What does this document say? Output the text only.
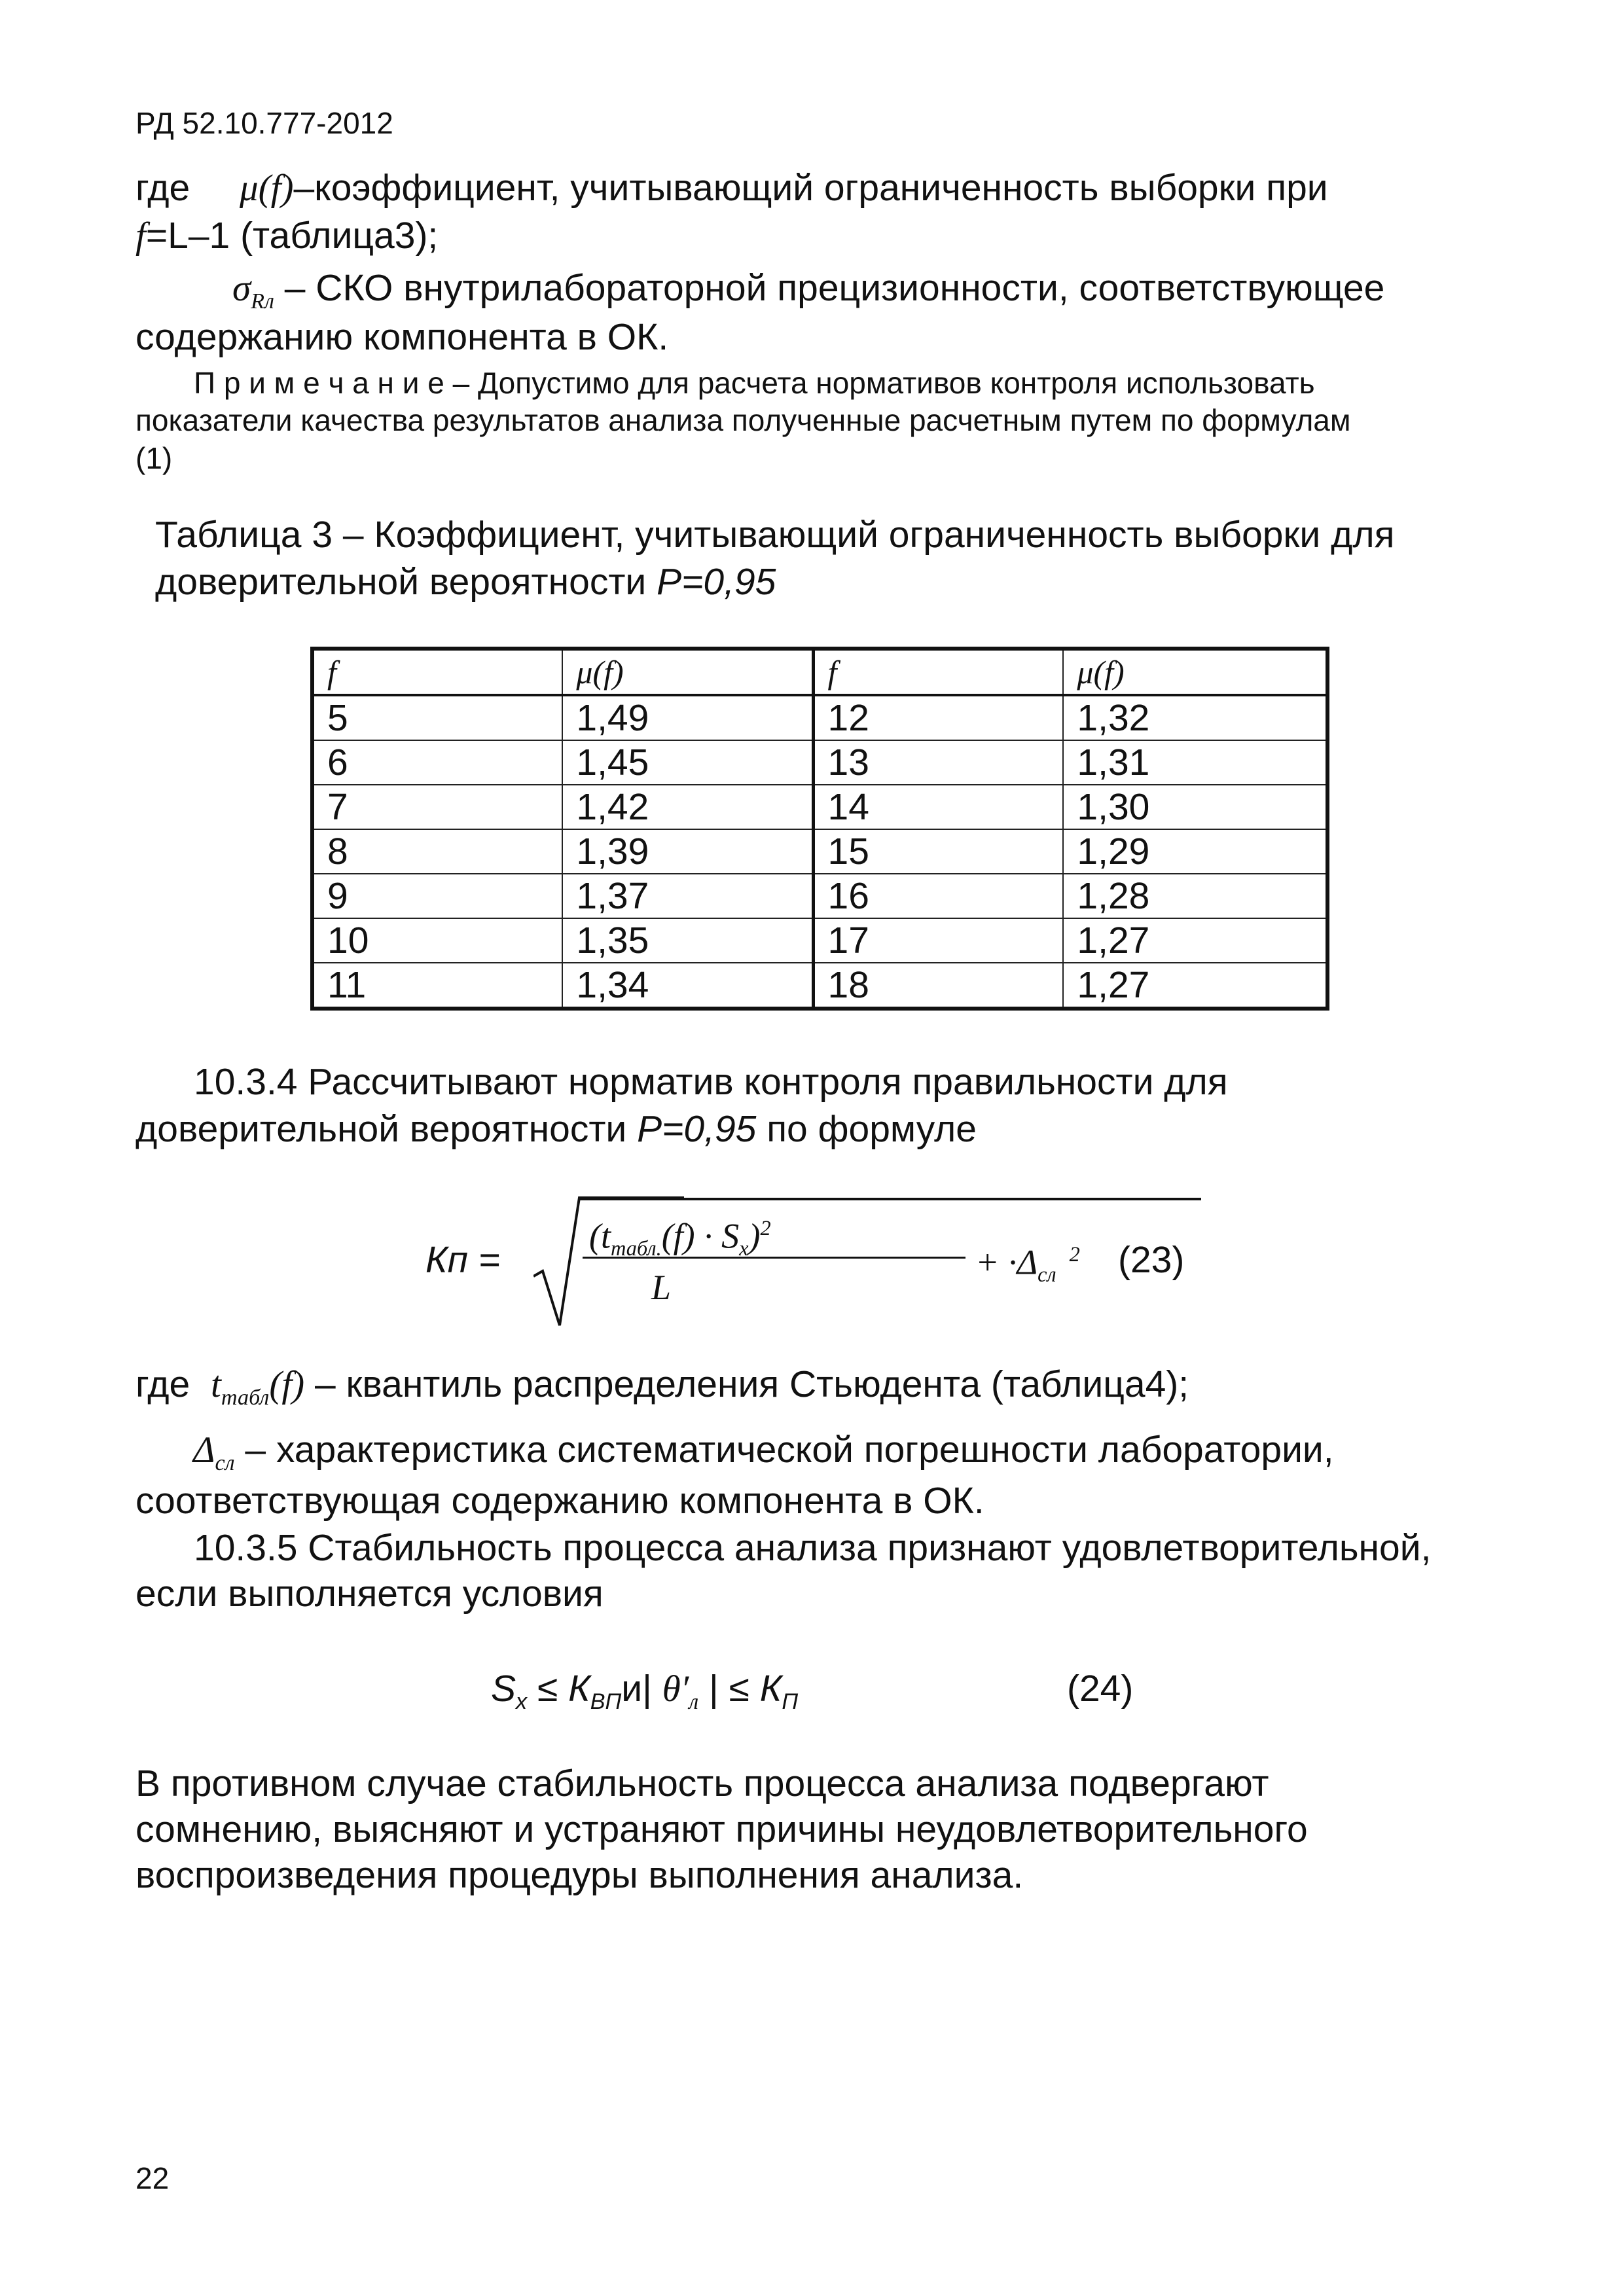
РД 52.10.777-2012
где μ(f)–коэффициент, учитывающий ограниченность выборки при
f=L–1 (таблица3);
$\sigma_{Rл}$ – СКО внутрилабораторной прецизионности, соответствующее
содержанию компонента в ОК.
П р и м е ч а н и е – Допустимо для расчета нормативов контроля использовать
показатели качества результатов анализа полученные расчетным путем по формулам
(1)
Таблица 3 – Коэффициент, учитывающий ограниченность выборки для
доверительной вероятности P=0,95
f	μ(f)	f	μ(f)
5	1,49	12	1,32
6	1,45	13	1,31
7	1,42	14	1,30
8	1,39	15	1,29
9	1,37	16	1,28
10	1,35	17	1,27
11	1,34	18	1,27
10.3.4 Рассчитывают норматив контроля правильности для
доверительной вероятности P=0,95 по формуле
Кп =
$(t_{табл.}(f) \cdot S_x)^2$
L
+ $\cdot\Delta_{сл}^2$ (23)
где $t_{табл}(f)$ – квантиль распределения Стьюдента (таблица4);
$\Delta_{сл}$ – характеристика систематической погрешности лаборатории,
соответствующая содержанию компонента в ОК.
10.3.5 Стабильность процесса анализа признают удовлетворительной,
если выполняется условия
$S_x \le К_{ВП}и|$ $\theta'_л$ | ≤ $К_П$	(24)
В противном случае стабильность процесса анализа подвергают
сомнению, выясняют и устраняют причины неудовлетворительного
воспроизведения процедуры выполнения анализа.
22
